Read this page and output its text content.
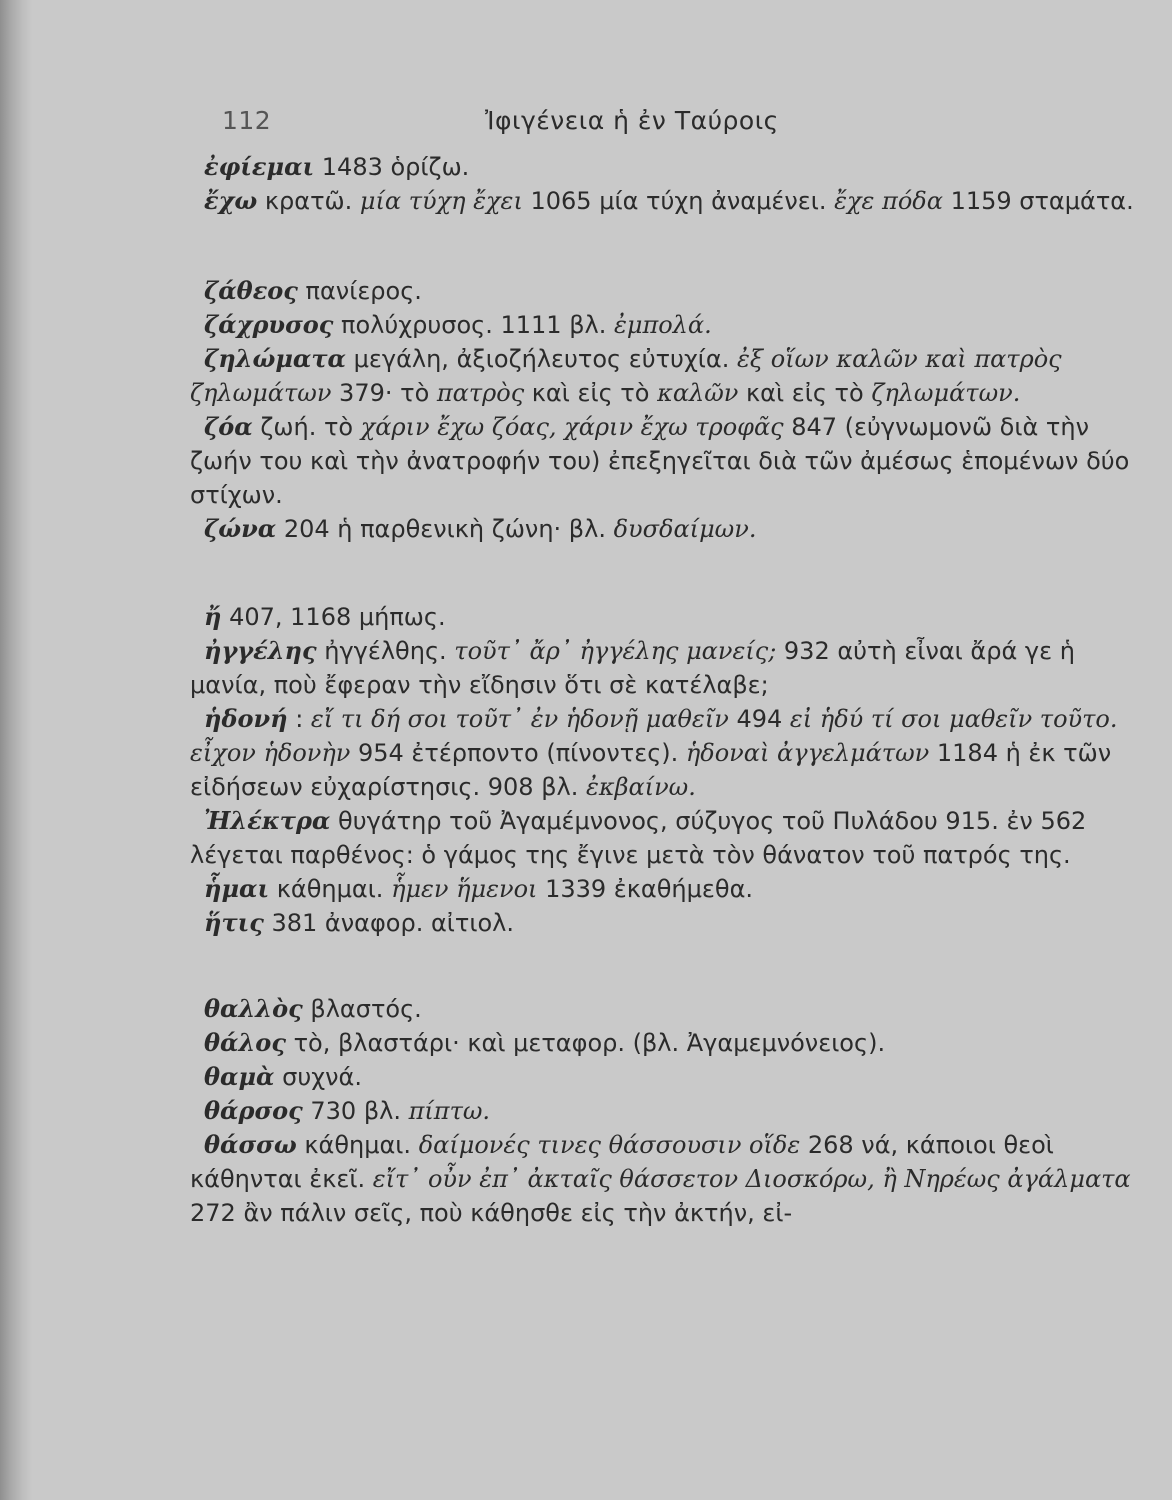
112	Ἰφιγένεια ἡ ἐν Ταύροις

ἐφίεμαι 1483 ὁρίζω.

ἔχω κρατῶ. μία τύχη ἔχει 1065 μία τύχη ἀναμένει. ἔχε πόδα 1159 σταμάτα.

ζάθεος πανίερος.

ζάχρυσος πολύχρυσος. 1111 βλ. ἐμπολά.

ζηλώματα μεγάλη, ἀξιοζήλευτος εὐτυχία. ἐξ οἵων καλῶν καὶ πατρὸς ζηλωμάτων 379· τὸ πατρὸς καὶ εἰς τὸ καλῶν καὶ εἰς τὸ ζηλωμάτων.

ζόα ζωή. τὸ χάριν ἔχω ζόας, χάριν ἔχω τροφᾶς 847 (εὐγνωμονῶ διὰ τὴν ζωήν του καὶ τὴν ἀνατροφήν του) ἐπεξηγεῖται διὰ τῶν ἀμέσως ἑπομένων δύο στίχων.

ζώνα 204 ἡ παρθενικὴ ζώνη· βλ. δυσδαίμων.

ἤ 407, 1168 μήπως.

ἠγγέλης ἠγγέλθης. τοῦτ᾽ ἄρ᾽ ἠγγέλης μανείς; 932 αὐτὴ εἶναι ἄρά γε ἡ μανία, ποὺ ἔφεραν τὴν εἴδησιν ὅτι σὲ κατέλαβε;

ἡδονή : εἴ τι δή σοι τοῦτ᾽ ἐν ἡδονῇ μαθεῖν 494 εἰ ἡδύ τί σοι μαθεῖν τοῦτο. εἶχον ἡδονὴν 954 ἐτέρποντο (πίνοντες). ἡδοναὶ ἀγγελμάτων 1184 ἡ ἐκ τῶν εἰδήσεων εὐχαρίστησις. 908 βλ. ἐκβαίνω.

Ἠλέκτρα θυγάτηρ τοῦ Ἀγαμέμνονος, σύζυγος τοῦ Πυλάδου 915. ἐν 562 λέγεται παρθένος: ὁ γάμος της ἔγινε μετὰ τὸν θάνατον τοῦ πατρός της.

ἧμαι κάθημαι. ἧμεν ἥμενοι 1339 ἐκαθήμεθα.

ἥτις 381 ἀναφορ. αἰτιολ.

θαλλὸς βλαστός.

θάλος τὸ, βλαστάρι· καὶ μεταφορ. (βλ. Ἀγαμεμνόνειος).

θαμὰ συχνά.

θάρσος 730 βλ. πίπτω.

θάσσω κάθημαι. δαίμονές τινες θάσσουσιν οἵδε 268 νά, κάποιοι θεοὶ κάθηνται ἐκεῖ. εἴτ᾽ οὖν ἐπ᾽ ἀκταῖς θάσσετον Διοσκόρω, ἢ Νηρέως ἀγάλματα 272 ἂν πάλιν σεῖς, ποὺ κάθησθε εἰς τὴν ἀκτήν, εἰ-
